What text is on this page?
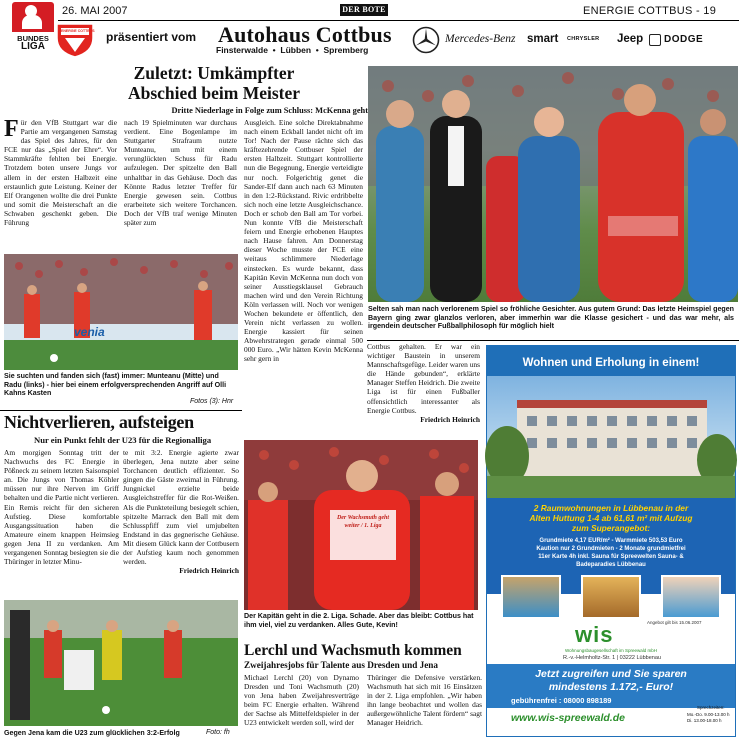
26. MAI 2007	DER BOTE	ENERGIE COTTBUS - 19
BUNDES
LIGA
ENERGIE COTTBUS präsentiert vom Autohaus Cottbus
Finsterwalde  •  Lübben  •  Spremberg
Mercedes-Benz smart CHRYSLER Jeep DODGE
Zuletzt: Umkämpfter
Abschied beim Meister
Dritte Niederlage in Folge zum Schluss: McKenna geht
Für den VfB Stuttgart war die Partie am vergangenen Samstag das Spiel des Jahres, für den FCE nur das „Spiel der Ehre“. Vor Stammkräfte fehlten bei Energie. Trotzdem boten unsere Jungs vor allem in der ersten Halbzeit eine erstaunlich gute Leistung. Keiner der Elf Orangenen wollte die drei Punkte und somit die Meisterschaft an die Schwaben geschenkt geben. Die Führung
nach 19 Spielminuten war durchaus verdient. Eine Bogenlampe im Stuttgarter Strafraum nutzte Munteanu, um mit einem verunglückten Schuss für Radu aufzulegen. Der spitzelte den Ball unhaltbar in das Gehäuse. Doch das Könnte Radus letzter Treffer für Energie gewesen sein. Cottbus erarbeitete sich weitere Torchancen. Doch der VfB traf wenige Minuten später zum
Ausgleich. Eine solche Direktabnahme nach einem Eckball landet nicht oft im Tor! Nach der Pause rächte sich das kräftezehrende Cottbuser Spiel der ersten Halbzeit. Stuttgart kontrollierte nun die Begegnung, Energie verteidigte nur noch. Folgerichtig genet die Sander-Elf dann auch nach 63 Minuten in den 1:2-Rückstand. Rivic erdribbelte sich noch eine letzte Ausgleichschance. Doch er schob den Ball am Tor vorbei. Nun konnte VfB die Meisterschaft feiern und Energie erhobenen Hauptes nach Hause fahren. Am Donnerstag dieser Woche musste der FCE eine weitaus schlimmere Niederlage einstecken. Es wurde bekannt, dass Kapitän Kevin McKenna nun doch von seiner Ausstiegsklausel Gebrauch machen wird und den Verein Richtung Köln verlassen will. Noch vor wenigen Wochen bekundete er öffentlich, den Verein nicht verlassen zu wollen. Energie kassiert für seinen Abwehrstrategen gerade einmal 500 000 Euro. „Wir hätten Kevin McKenna sehr gern in
Cottbus gehalten. Er war ein wichtiger Baustein in unserem Mannschaftsgefüge. Leider waren uns die Hände gebunden“, erklärte Manager Steffen Heidrich. Die zweite Liga ist für einen Fußballer offensichtlich interessanter als Energie Cottbus.
Friedrich Heinrich
Selten sah man nach verlorenem Spiel so fröhliche Gesichter. Aus gutem Grund: Das letzte Heimspiel gegen Bayern ging zwar glanzlos verloren, aber immerhin war die Klasse gesichert - und das war mehr, als irgendein deutscher Fußballphilosoph für möglich hielt
venia
Sie suchten und fanden sich (fast) immer: Munteanu (Mitte) und Radu (links) - hier bei einem erfolgversprechenden Angriff auf Olli Kahns Kasten
Fotos (3): Hnr
Nichtverlieren, aufsteigen
Nur ein Punkt fehlt der U23 für die Regionalliga
Am morgigen Sonntag tritt der Nachwuchs des FC Energie in Pößneck zu seinem letzten Saisonspiel an. Die Jungs von Thomas Köhler müssen nur ihre Nerven im Griff behalten und die Partie nicht verlieren. Ein Remis reicht für den sicheren Aufstieg. Diese komfortable Ausgangssituation haben die Amateure einem knappen Heimsieg gegen Jena II zu verdanken. Am vergangenen Sonntag besiegten sie die Thüringer in letzter Minu-
te mit 3:2. Energie agierte zwar überlegen, Jena nutzte aber seine Torchancen deutlich effizienter. So gingen die Gäste zweimal in Führung. Jungnickel erzielte beide Ausgleichstreffer für die Rot-Weißen. Als die Punkteteilung besiegelt schien, spitzelte Marrack den Ball mit dem Schlusspfiff zum viel umjubelten Endstand in das gegnerische Gehäuse. Mit diesem Glück kann der Cottbusern der Aufstieg kaum noch genommen werden.
Friedrich Heinrich
Gegen Jena kam die U23 zum glücklichen 3:2-Erfolg	Foto: fh
Der Wachsmuth geht weiter / 1. Liga
Der Kapitän geht in die 2. Liga. Schade. Aber das bleibt: Cottbus hat ihm viel, viel zu verdanken. Alles Gute, Kevin!
Lerchl und Wachsmuth kommen
Zweijahresjobs für Talente aus Dresden und Jena
Michael Lerchl (20) von Dynamo Dresden und Toni Wachsmuth (20) von Jena haben Zweijahresverträge beim FC Energie erhalten. Während der Sachse als Mittelfeldspieler in der U23 entwickelt werden soll, wird der
Thüringer die Defensive verstärken. Wachsmuth hat sich mit 16 Einsätzen in der 2. Liga empfohlen. „Wir haben ihn lange beobachtet und wollen das außergewöhnliche Talent fördern“ sagt Manager Heidrich.
Wohnen und Erholung in einem!
2 Raumwohnungen in Lübbenau in der
Alten Huttung 1-4 ab 61,61 m² mit Aufzug
zum Superangebot:
Grundmiete 4,17 EUR/m² - Warmmiete 503,53 Euro
Kaution nur 2 Grundmieten - 2 Monate grundmietfrei
11er Karte 4h inkl. Sauna für Spreewelten Sauna- &
Badeparadies Lübbenau
Angebot gilt bis 15.06.2007
wis
Wohnungsbaugesellschaft im Spreewald mbH
R.-v.-Helmholtz-Str. 1 | 03222 Lübbenau
Jetzt zugreifen und Sie sparen
mindestens 1.172,- Euro!
gebührenfrei : 08000 898189
www.wis-spreewald.de
Sprechzeiten:
Mo.-Do. 9.00-13.00 h
Di. 13.00-18.00 h
